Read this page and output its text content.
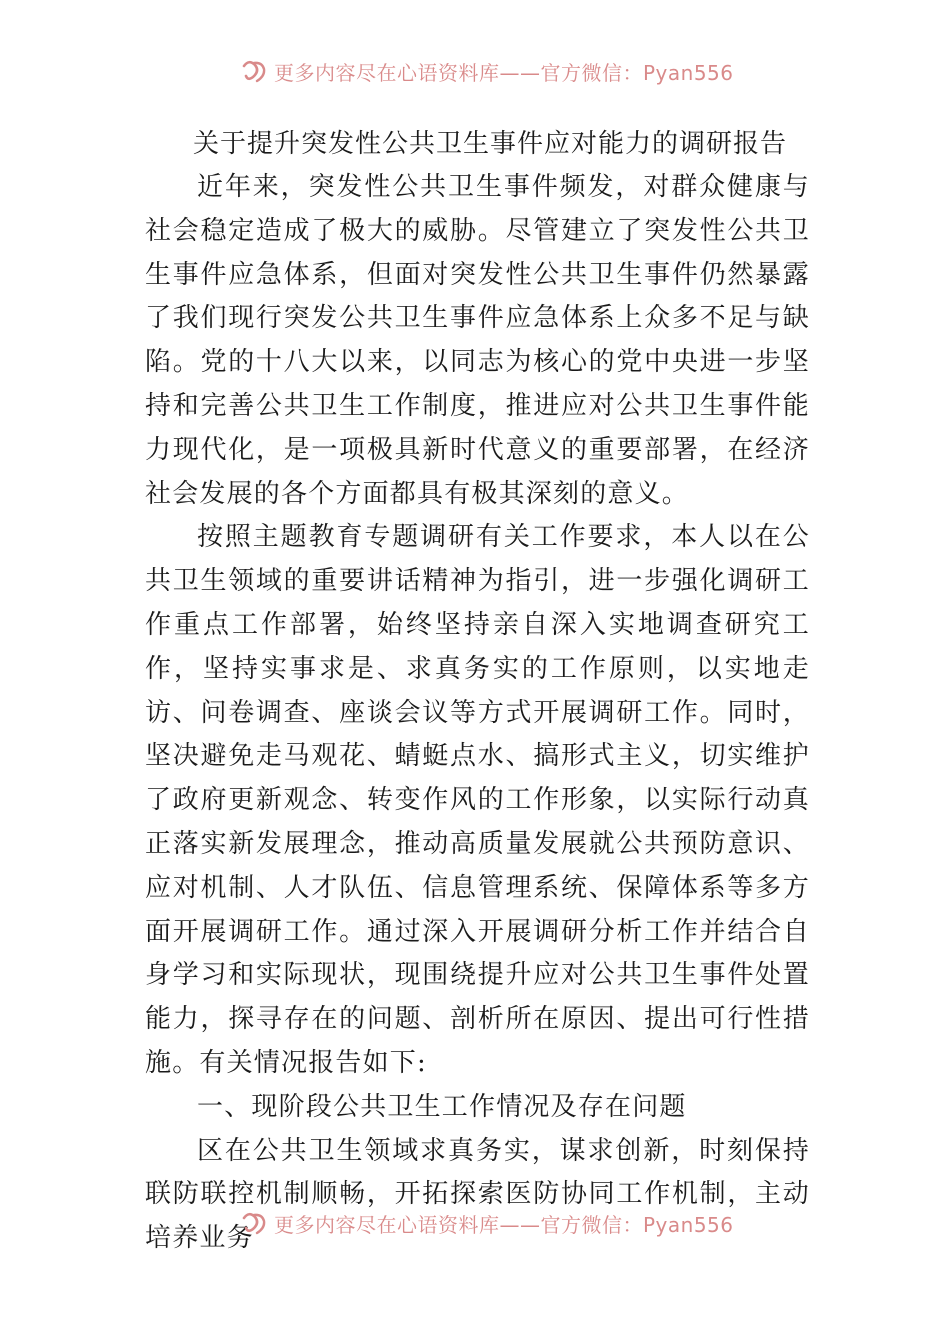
更多内容尽在心语资料库——官方微信：Pyan556
关于提升突发性公共卫生事件应对能力的调研报告

近年来，突发性公共卫生事件频发，对群众健康与社会稳定造成了极大的威胁。尽管建立了突发性公共卫生事件应急体系，但面对突发性公共卫生事件仍然暴露了我们现行突发公共卫生事件应急体系上众多不足与缺陷。党的十八大以来，以同志为核心的党中央进一步坚持和完善公共卫生工作制度，推进应对公共卫生事件能力现代化，是一项极具新时代意义的重要部署，在经济社会发展的各个方面都具有极其深刻的意义。

按照主题教育专题调研有关工作要求，本人以在公共卫生领域的重要讲话精神为指引，进一步强化调研工作重点工作部署，始终坚持亲自深入实地调查研究工作，坚持实事求是、求真务实的工作原则，以实地走访、问卷调查、座谈会议等方式开展调研工作。同时，坚决避免走马观花、蜻蜓点水、搞形式主义，切实维护了政府更新观念、转变作风的工作形象，以实际行动真正落实新发展理念，推动高质量发展就公共预防意识、应对机制、人才队伍、信息管理系统、保障体系等多方面开展调研工作。通过深入开展调研分析工作并结合自身学习和实际现状，现围绕提升应对公共卫生事件处置能力，探寻存在的问题、剖析所在原因、提出可行性措施。有关情况报告如下:

一、现阶段公共卫生工作情况及存在问题

区在公共卫生领域求真务实，谋求创新，时刻保持联防联控机制顺畅，开拓探索医防协同工作机制，主动培养业务	更多内容尽在心语资料库——官方微信：Pyan556
